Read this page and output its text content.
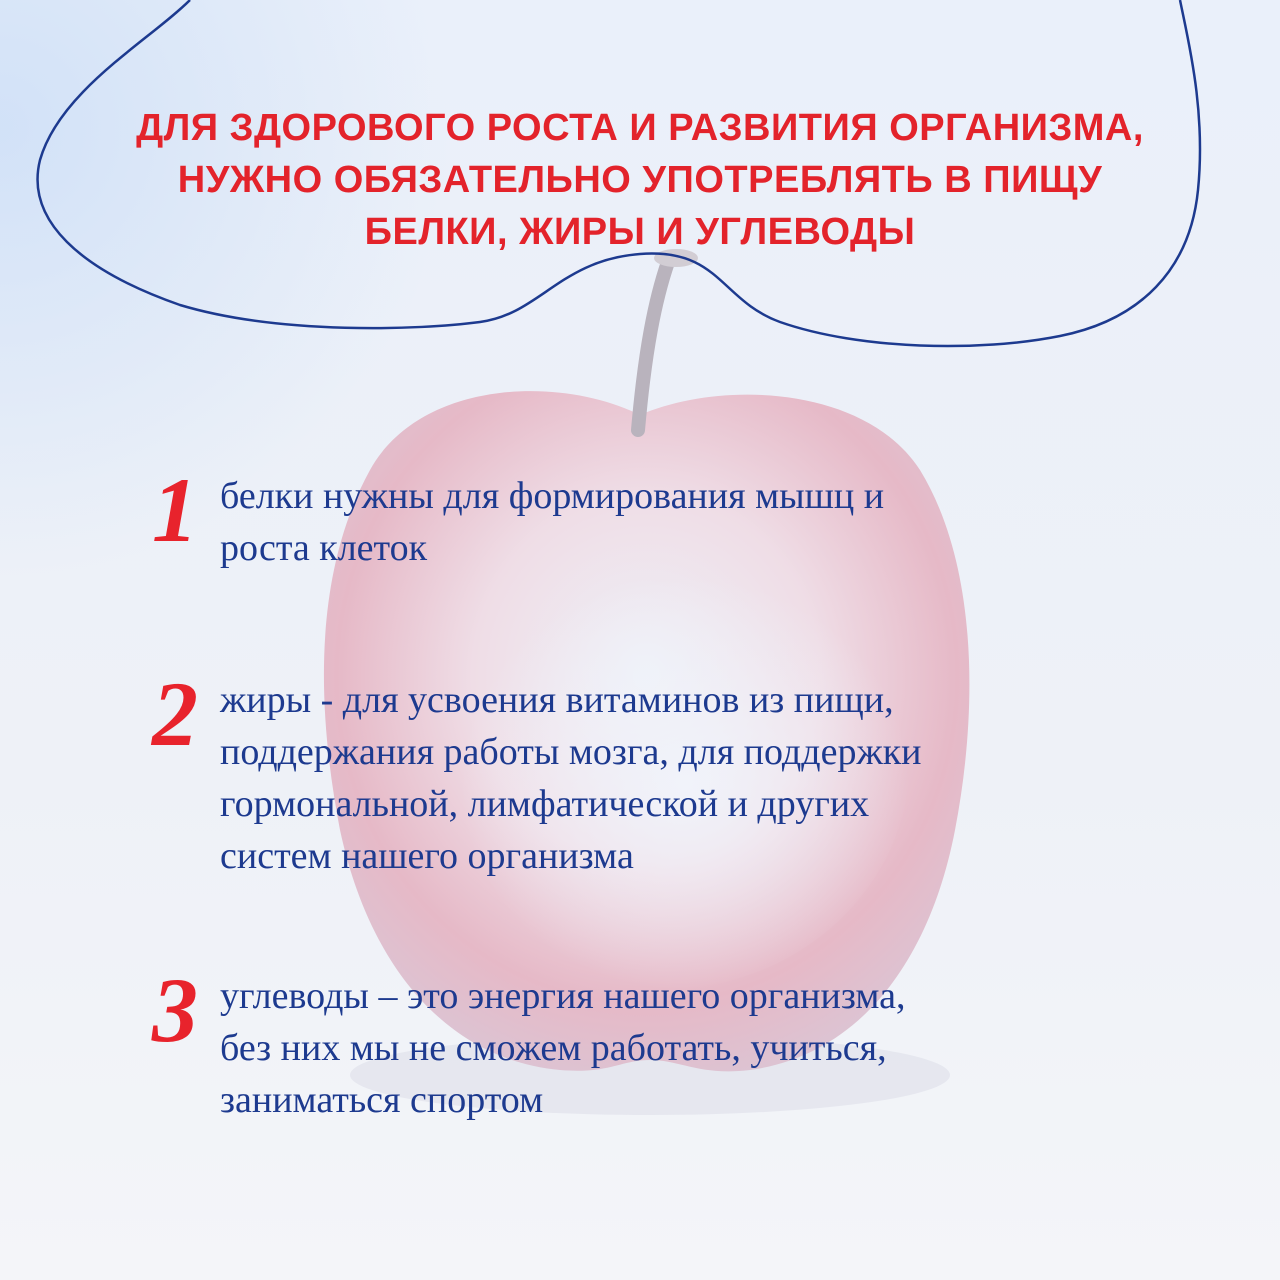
ДЛЯ ЗДОРОВОГО РОСТА И РАЗВИТИЯ ОРГАНИЗМА,
НУЖНО ОБЯЗАТЕЛЬНО УПОТРЕБЛЯТЬ В ПИЩУ
БЕЛКИ, ЖИРЫ И УГЛЕВОДЫ
1 белки нужны для формирования мышц и
роста клеток
2 жиры - для усвоения витаминов из пищи,
поддержания работы мозга, для поддержки
гормональной, лимфатической и других
систем нашего организма
3 углеводы – это энергия нашего организма,
без них мы не сможем работать, учиться,
заниматься спортом
